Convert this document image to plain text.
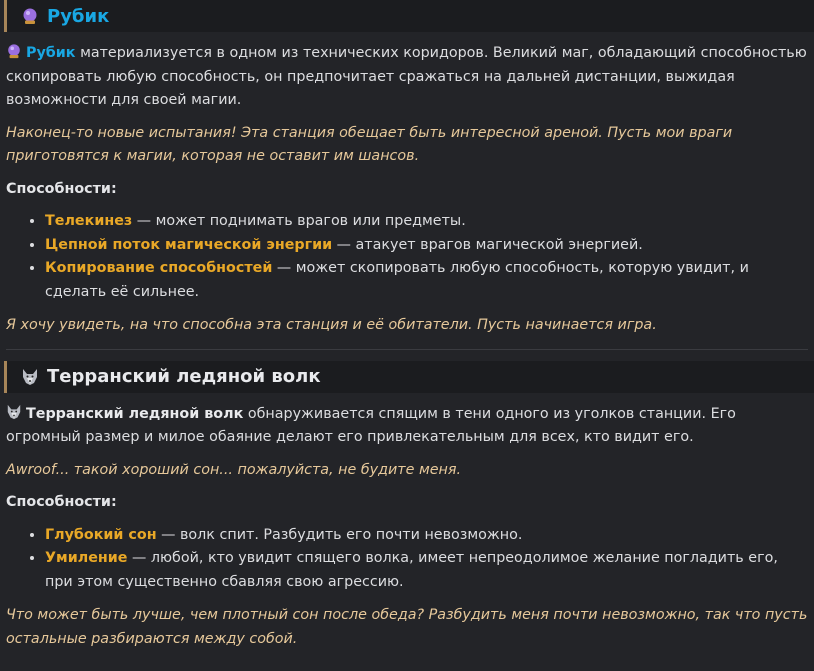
Рубик

Рубик материализуется в одном из технических коридоров. Великий маг, обладающий способностью скопировать любую способность, он предпочитает сражаться на дальней дистанции, выжидая возможности для своей магии.

Наконец-то новые испытания! Эта станция обещает быть интересной ареной. Пусть мои враги приготовятся к магии, которая не оставит им шансов.

Способности:

• Телекинез — может поднимать врагов или предметы.
• Цепной поток магической энергии — атакует врагов магической энергией.
• Копирование способностей — может скопировать любую способность, которую увидит, и сделать её сильнее.

Я хочу увидеть, на что способна эта станция и её обитатели. Пусть начинается игра.

Терранский ледяной волк

Терранский ледяной волк обнаруживается спящим в тени одного из уголков станции. Его огромный размер и милое обаяние делают его привлекательным для всех, кто видит его.

Awroof... такой хороший сон... пожалуйста, не будите меня.

Способности:

• Глубокий сон — волк спит. Разбудить его почти невозможно.
• Умиление — любой, кто увидит спящего волка, имеет непреодолимое желание погладить его, при этом существенно сбавляя свою агрессию.

Что может быть лучше, чем плотный сон после обеда? Разбудить меня почти невозможно, так что пусть остальные разбираются между собой.
